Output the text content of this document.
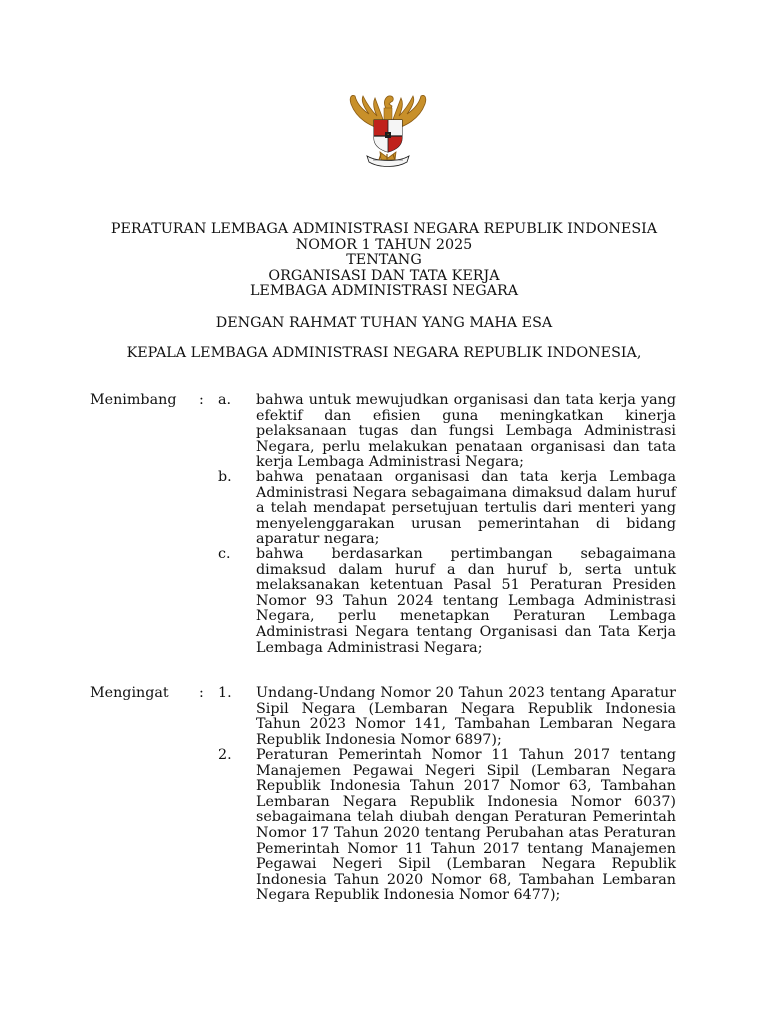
PERATURAN LEMBAGA ADMINISTRASI NEGARA REPUBLIK INDONESIA
NOMOR 1 TAHUN 2025
TENTANG
ORGANISASI DAN TATA KERJA
LEMBAGA ADMINISTRASI NEGARA
DENGAN RAHMAT TUHAN YANG MAHA ESA
KEPALA LEMBAGA ADMINISTRASI NEGARA REPUBLIK INDONESIA,
Menimbang : a.	bahwa untuk mewujudkan organisasi dan tata kerja yang efektif dan efisien guna meningkatkan kinerja pelaksanaan tugas dan fungsi Lembaga Administrasi Negara, perlu melakukan penataan organisasi dan tata kerja Lembaga Administrasi Negara;
b.	bahwa penataan organisasi dan tata kerja Lembaga Administrasi Negara sebagaimana dimaksud dalam huruf a telah mendapat persetujuan tertulis dari menteri yang menyelenggarakan urusan pemerintahan di bidang aparatur negara;
c.	bahwa berdasarkan pertimbangan sebagaimana dimaksud dalam huruf a dan huruf b, serta untuk melaksanakan ketentuan Pasal 51 Peraturan Presiden Nomor 93 Tahun 2024 tentang Lembaga Administrasi Negara, perlu menetapkan Peraturan Lembaga Administrasi Negara tentang Organisasi dan Tata Kerja Lembaga Administrasi Negara;
Mengingat : 1.	Undang-Undang Nomor 20 Tahun 2023 tentang Aparatur Sipil Negara (Lembaran Negara Republik Indonesia Tahun 2023 Nomor 141, Tambahan Lembaran Negara Republik Indonesia Nomor 6897);
2.	Peraturan Pemerintah Nomor 11 Tahun 2017 tentang Manajemen Pegawai Negeri Sipil (Lembaran Negara Republik Indonesia Tahun 2017 Nomor 63, Tambahan Lembaran Negara Republik Indonesia Nomor 6037) sebagaimana telah diubah dengan Peraturan Pemerintah Nomor 17 Tahun 2020 tentang Perubahan atas Peraturan Pemerintah Nomor 11 Tahun 2017 tentang Manajemen Pegawai Negeri Sipil (Lembaran Negara Republik Indonesia Tahun 2020 Nomor 68, Tambahan Lembaran Negara Republik Indonesia Nomor 6477);
